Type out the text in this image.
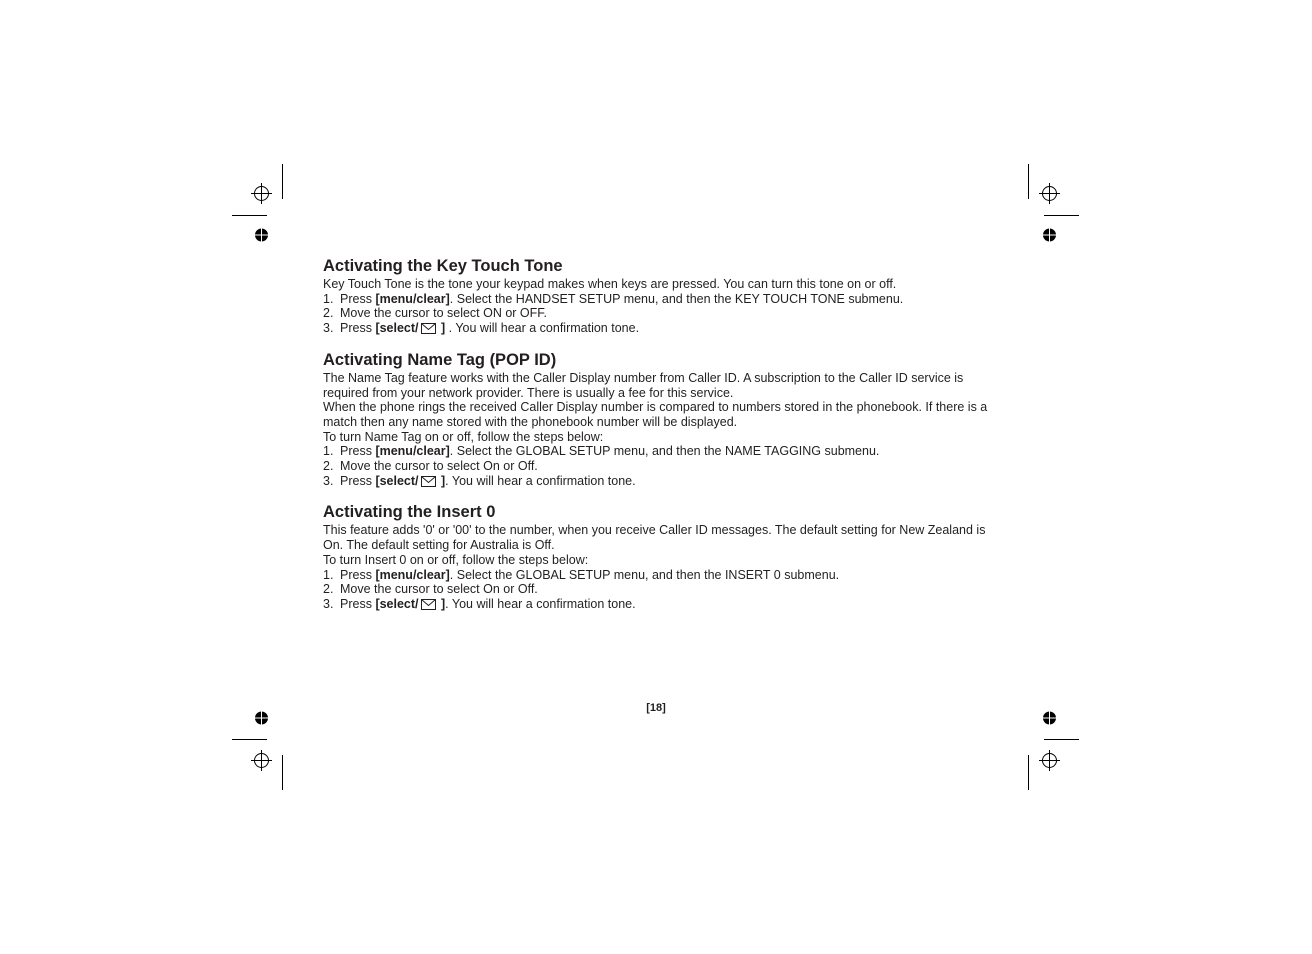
Activating the Key Touch Tone

Key Touch Tone is the tone your keypad makes when keys are pressed. You can turn this tone on or off.

1. Press [menu/clear]. Select the HANDSET SETUP menu, and then the KEY TOUCH TONE submenu.
2. Move the cursor to select ON or OFF.
3. Press [select/ ] . You will hear a confirmation tone.
Activating Name Tag (POP ID)

The Name Tag feature works with the Caller Display number from Caller ID. A subscription to the Caller ID service is required from your network provider. There is usually a fee for this service.

When the phone rings the received Caller Display number is compared to numbers stored in the phonebook. If there is a match then any name stored with the phonebook number will be displayed.

To turn Name Tag on or off, follow the steps below:

1. Press [menu/clear]. Select the GLOBAL SETUP menu, and then the NAME TAGGING submenu.
2. Move the cursor to select On or Off.
3. Press [select/ ]. You will hear a confirmation tone.
Activating the Insert 0

This feature adds '0' or '00' to the number, when you receive Caller ID messages. The default setting for New Zealand is On. The default setting for Australia is Off.

To turn Insert 0 on or off, follow the steps below:

1. Press [menu/clear]. Select the GLOBAL SETUP menu, and then the INSERT 0 submenu.
2. Move the cursor to select On or Off.
3. Press [select/ ]. You will hear a confirmation tone.
[18]
